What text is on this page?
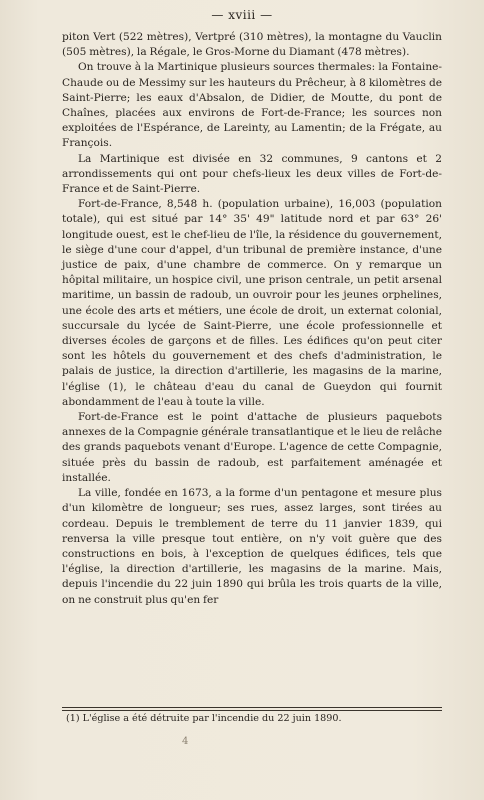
— xviii —

piton Vert (522 mètres), Vertpré (310 mètres), la montagne du Vauclin (505 mètres), la Régale, le Gros-Morne du Diamant (478 mètres).

On trouve à la Martinique plusieurs sources thermales: la Fontaine-Chaude ou de Messimy sur les hauteurs du Prêcheur, à 8 kilomètres de Saint-Pierre; les eaux d'Absalon, de Didier, de Moutte, du pont de Chaînes, placées aux environs de Fort-de-France; les sources non exploitées de l'Espérance, de Lareinty, au Lamentin; de la Frégate, au François.

La Martinique est divisée en 32 communes, 9 cantons et 2 arrondissements qui ont pour chefs-lieux les deux villes de Fort-de-France et de Saint-Pierre.

Fort-de-France, 8,548 h. (population urbaine), 16,003 (population totale), qui est situé par 14° 35' 49" latitude nord et par 63° 26' longitude ouest, est le chef-lieu de l'île, la résidence du gouvernement, le siège d'une cour d'appel, d'un tribunal de première instance, d'une justice de paix, d'une chambre de commerce. On y remarque un hôpital militaire, un hospice civil, une prison centrale, un petit arsenal maritime, un bassin de radoub, un ouvroir pour les jeunes orphelines, une école des arts et métiers, une école de droit, un externat colonial, succursale du lycée de Saint-Pierre, une école professionnelle et diverses écoles de garçons et de filles. Les édifices qu'on peut citer sont les hôtels du gouvernement et des chefs d'administration, le palais de justice, la direction d'artillerie, les magasins de la marine, l'église (1), le château d'eau du canal de Gueydon qui fournit abondamment de l'eau à toute la ville.

Fort-de-France est le point d'attache de plusieurs paquebots annexes de la Compagnie générale transatlantique et le lieu de relâche des grands paquebots venant d'Europe. L'agence de cette Compagnie, située près du bassin de radoub, est parfaitement aménagée et installée.

La ville, fondée en 1673, a la forme d'un pentagone et mesure plus d'un kilomètre de longueur; ses rues, assez larges, sont tirées au cordeau. Depuis le tremblement de terre du 11 janvier 1839, qui renversa la ville presque tout entière, on n'y voit guère que des constructions en bois, à l'exception de quelques édifices, tels que l'église, la direction d'artillerie, les magasins de la marine. Mais, depuis l'incendie du 22 juin 1890 qui brûla les trois quarts de la ville, on ne construit plus qu'en fer

(1) L'église a été détruite par l'incendie du 22 juin 1890.
4
